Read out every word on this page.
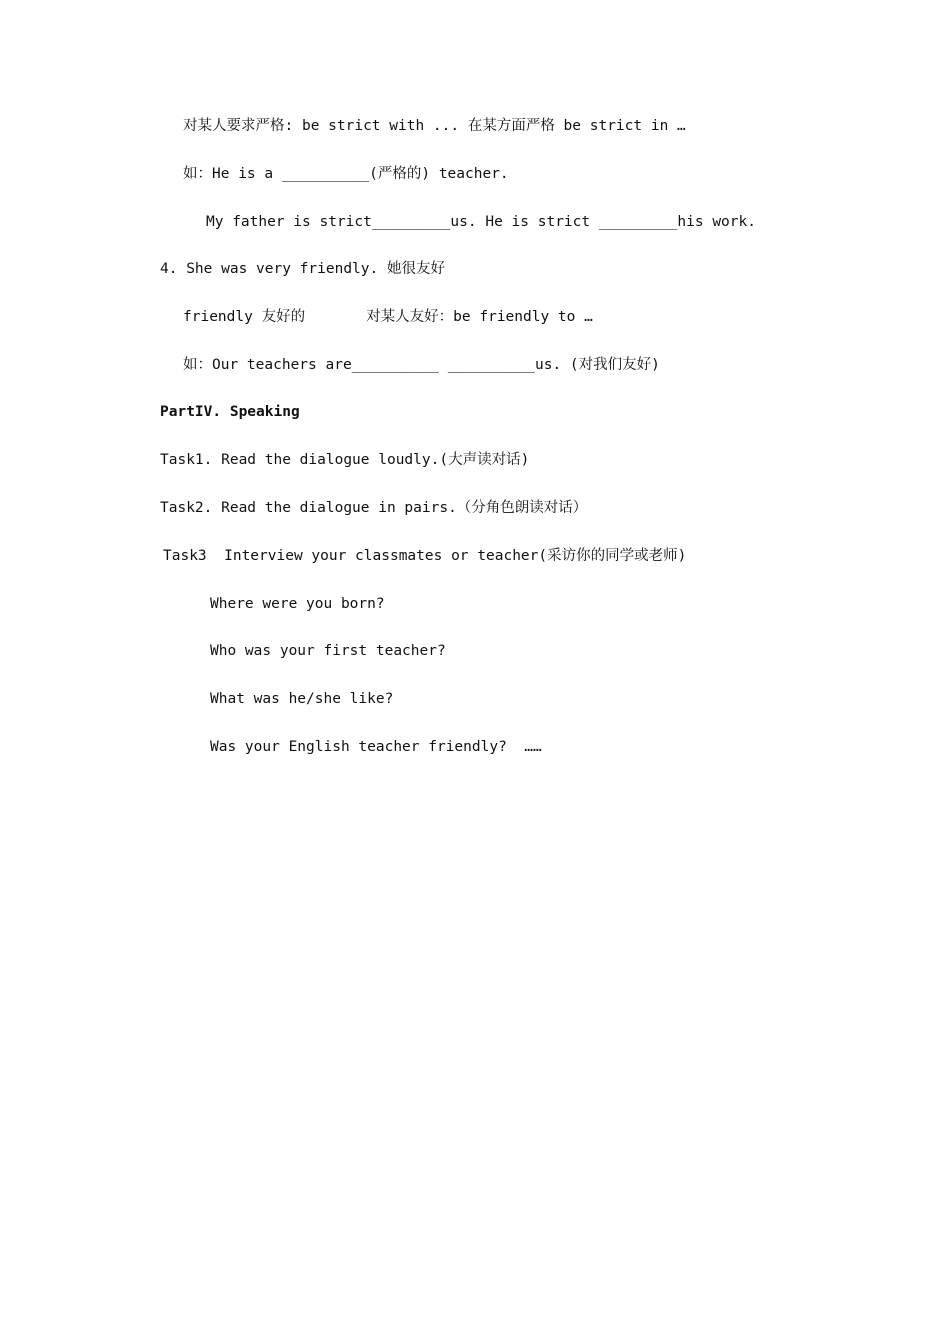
对某人要求严格: be strict with ... 在某方面严格 be strict in …
如：He is a __________(严格的) teacher.
My father is strict_________us. He is strict _________his work.
4. She was very friendly. 她很友好
friendly 友好的       对某人友好：be friendly to …
如：Our teachers are__________ __________us. (对我们友好)
PartIV. Speaking
Task1. Read the dialogue loudly.(大声读对话)
Task2. Read the dialogue in pairs.（分角色朗读对话）
Task3  Interview your classmates or teacher(采访你的同学或老师)
Where were you born?
Who was your first teacher?
What was he/she like?
Was your English teacher friendly?  ……
